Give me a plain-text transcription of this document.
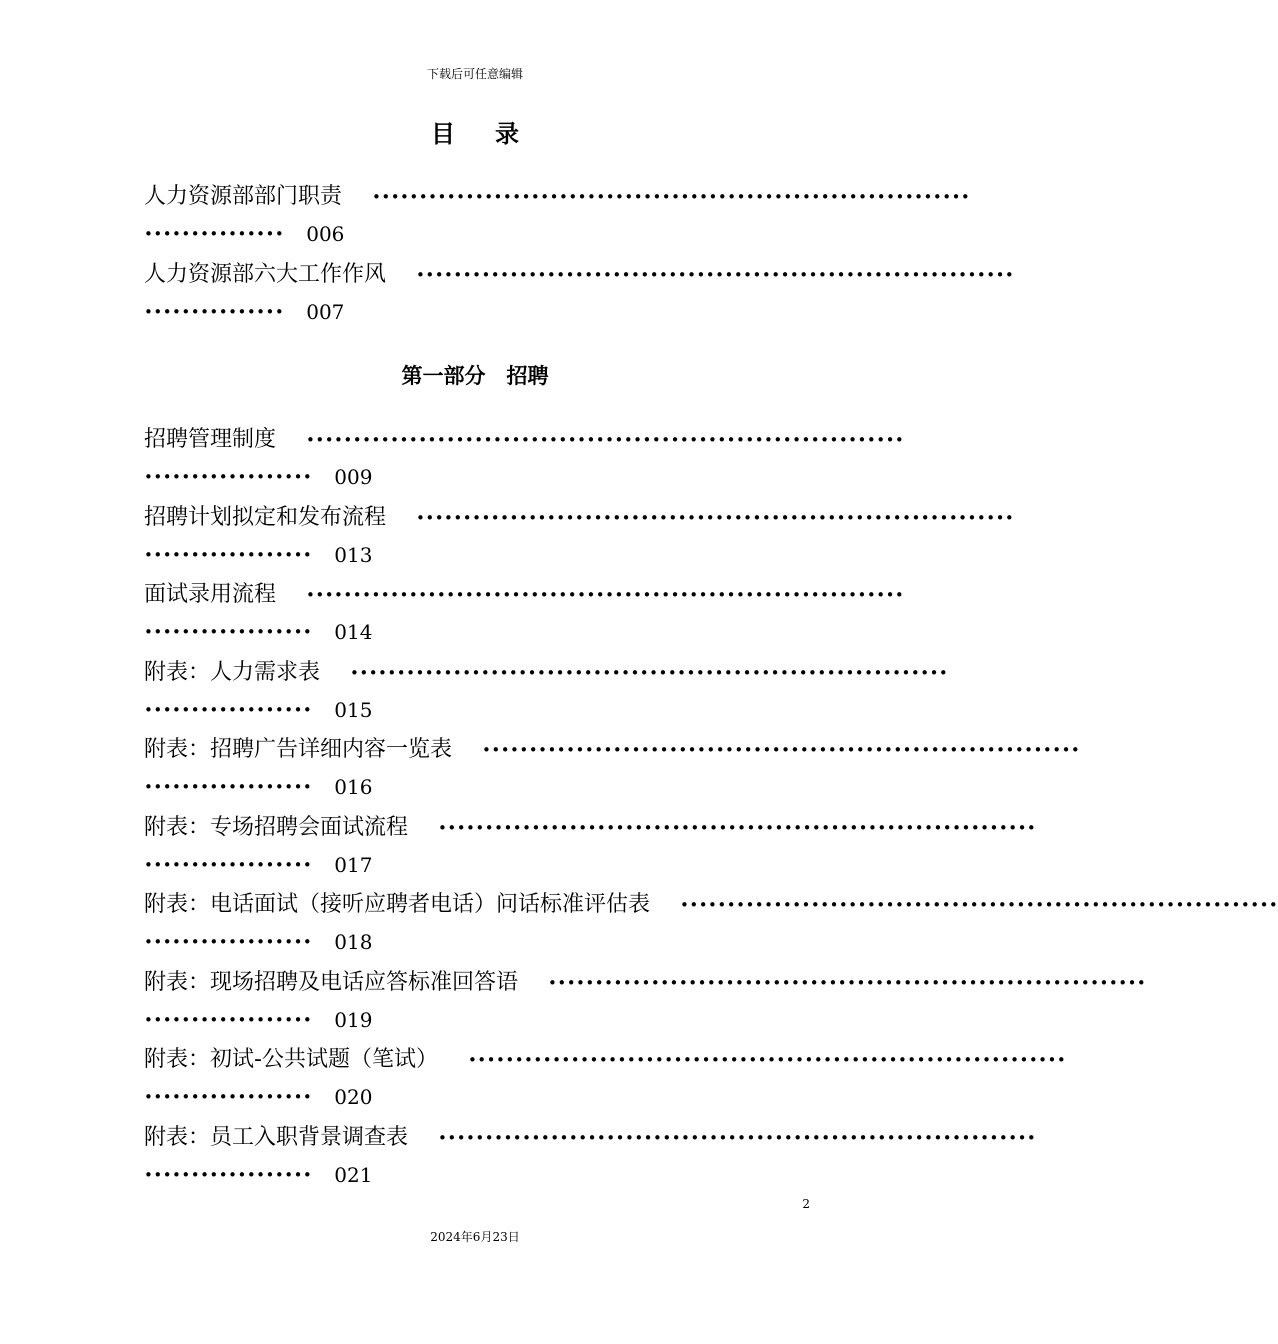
下载后可任意编辑
目录
人力资源部部门职责 ••••••••••••••••••••••••••••••••••••••••••••••••••••••••••••••••
••••••••••••••• 006
人力资源部六大工作作风 ••••••••••••••••••••••••••••••••••••••••••••••••••••••••••••••••
••••••••••••••• 007
第一部分　招聘
招聘管理制度 ••••••••••••••••••••••••••••••••••••••••••••••••••••••••••••••••
•••••••••••••••••• 009
招聘计划拟定和发布流程 ••••••••••••••••••••••••••••••••••••••••••••••••••••••••••••••••
•••••••••••••••••• 013
面试录用流程 ••••••••••••••••••••••••••••••••••••••••••••••••••••••••••••••••
•••••••••••••••••• 014
附表：人力需求表 ••••••••••••••••••••••••••••••••••••••••••••••••••••••••••••••••
•••••••••••••••••• 015
附表：招聘广告详细内容一览表 ••••••••••••••••••••••••••••••••••••••••••••••••••••••••••••••••
•••••••••••••••••• 016
附表：专场招聘会面试流程 ••••••••••••••••••••••••••••••••••••••••••••••••••••••••••••••••
•••••••••••••••••• 017
附表：电话面试（接听应聘者电话）问话标准评估表 ••••••••••••••••••••••••••••••••••••••••••••••••••••••••••••••••
•••••••••••••••••• 018
附表：现场招聘及电话应答标准回答语 ••••••••••••••••••••••••••••••••••••••••••••••••••••••••••••••••
•••••••••••••••••• 019
附表：初试-公共试题（笔试） ••••••••••••••••••••••••••••••••••••••••••••••••••••••••••••••••
•••••••••••••••••• 020
附表：员工入职背景调查表 ••••••••••••••••••••••••••••••••••••••••••••••••••••••••••••••••
•••••••••••••••••• 021
2
2024年6月23日
